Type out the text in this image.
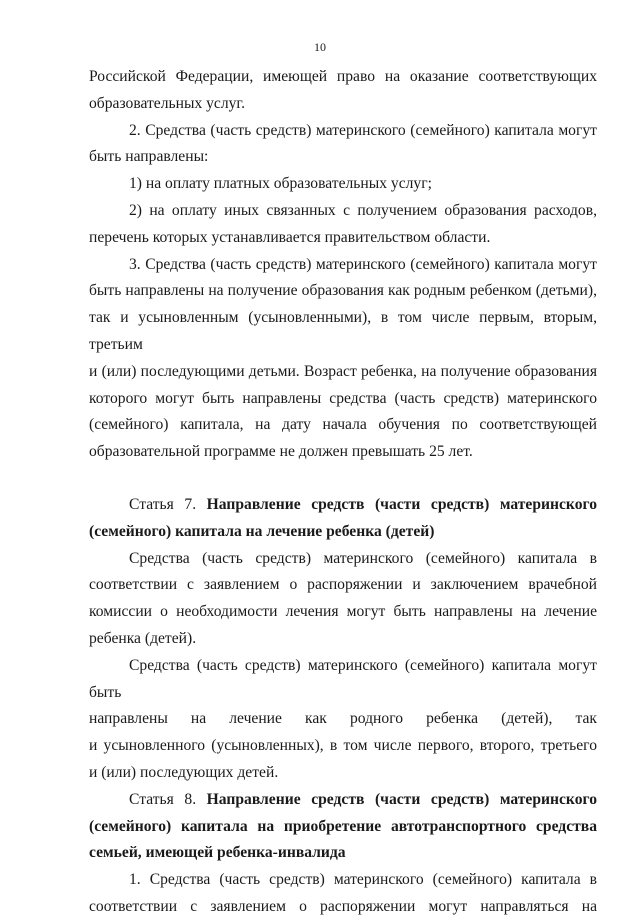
10

Российской Федерации, имеющей право на оказание соответствующих

образовательных услуг.

2. Средства (часть средств) материнского (семейного) капитала могут

быть направлены:

1) на оплату платных образовательных услуг;

2) на оплату иных связанных с получением образования расходов,

перечень которых устанавливается правительством области.

3. Средства (часть средств) материнского (семейного) капитала могут

быть направлены на получение образования как родным ребенком (детьми),

так и усыновленным (усыновленными), в том числе первым, вторым, третьим

и (или) последующими детьми. Возраст ребенка, на получение образования

которого могут быть направлены средства (часть средств) материнского

(семейного) капитала, на дату начала обучения по соответствующей

образовательной программе не должен превышать 25 лет.

Статья 7. Направление средств (части средств) материнского

(семейного) капитала на лечение ребенка (детей)

Средства (часть средств) материнского (семейного) капитала в

соответствии с заявлением о распоряжении и заключением врачебной

комиссии о необходимости лечения могут быть направлены на лечение

ребенка (детей).

Средства (часть средств) материнского (семейного) капитала могут быть

направлены на лечение как родного ребенка (детей), так

и усыновленного (усыновленных), в том числе первого, второго, третьего

и (или) последующих детей.

Статья 8. Направление средств (части средств) материнского

(семейного) капитала на приобретение автотранспортного средства

семьей, имеющей ребенка-инвалида

1. Средства (часть средств) материнского (семейного) капитала в

соответствии с заявлением о распоряжении могут направляться на
